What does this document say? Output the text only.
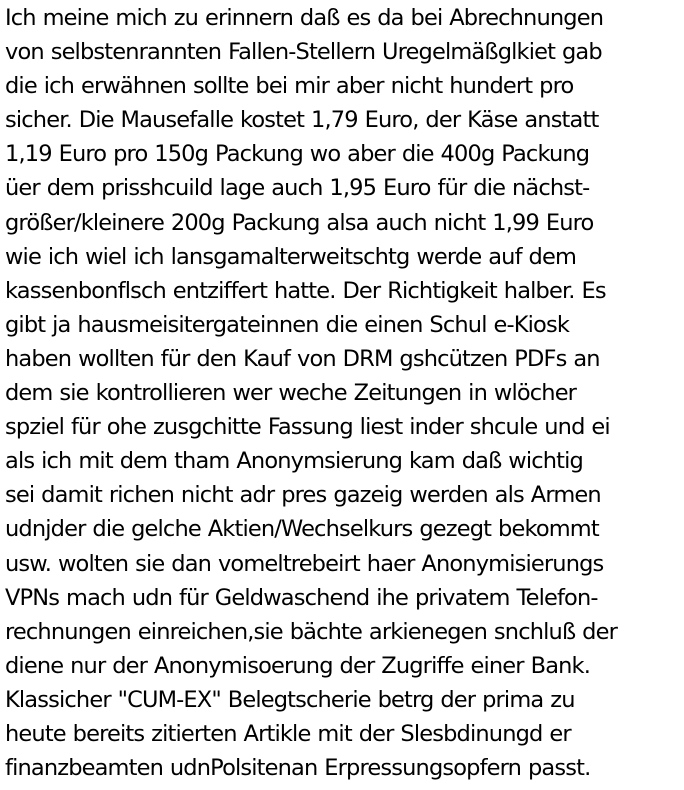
Ich meine mich zu erinnern daß es da bei Abrechnungen
von selbstenrannten Fallen-Stellern Uregelmäßglkiet gab
die ich erwähnen sollte bei mir aber nicht hundert pro
sicher. Die Mausefalle kostet 1,79 Euro, der Käse anstatt
1,19 Euro pro 150g Packung wo aber die 400g Packung
üer dem prisshcuild lage auch 1,95 Euro für die nächst-
größer/kleinere 200g Packung alsa auch nicht 1,99 Euro
wie ich wiel ich lansgamalterweitschtg werde auf dem
kassenbonflsch entziffert hatte. Der Richtigkeit halber. Es
gibt ja hausmeisitergateinnen die einen Schul e-Kiosk
haben wollten für den Kauf von DRM gshcützen PDFs an
dem sie kontrollieren wer weche Zeitungen in wlöcher
spziel für ohe zusgchitte Fassung liest inder shcule und ei
als ich mit dem tham Anonymsierung kam daß wichtig
sei damit richen nicht adr pres gazeig werden als Armen
udnjder die gelche Aktien/Wechselkurs gezegt bekommt
usw. wolten sie dan vomeltrebeirt haer Anonymisierungs
VPNs mach udn für Geldwaschend ihe privatem Telefon-
rechnungen einreichen,sie bächte arkienegen snchluß der
diene nur der Anonymisoerung der Zugriffe einer Bank.
Klassicher "CUM-EX" Belegtscherie betrg der prima zu
heute bereits zitierten Artikle mit der Slesbdinungd er
finanzbeamten udnPolsitenan Erpressungsopfern passt.
